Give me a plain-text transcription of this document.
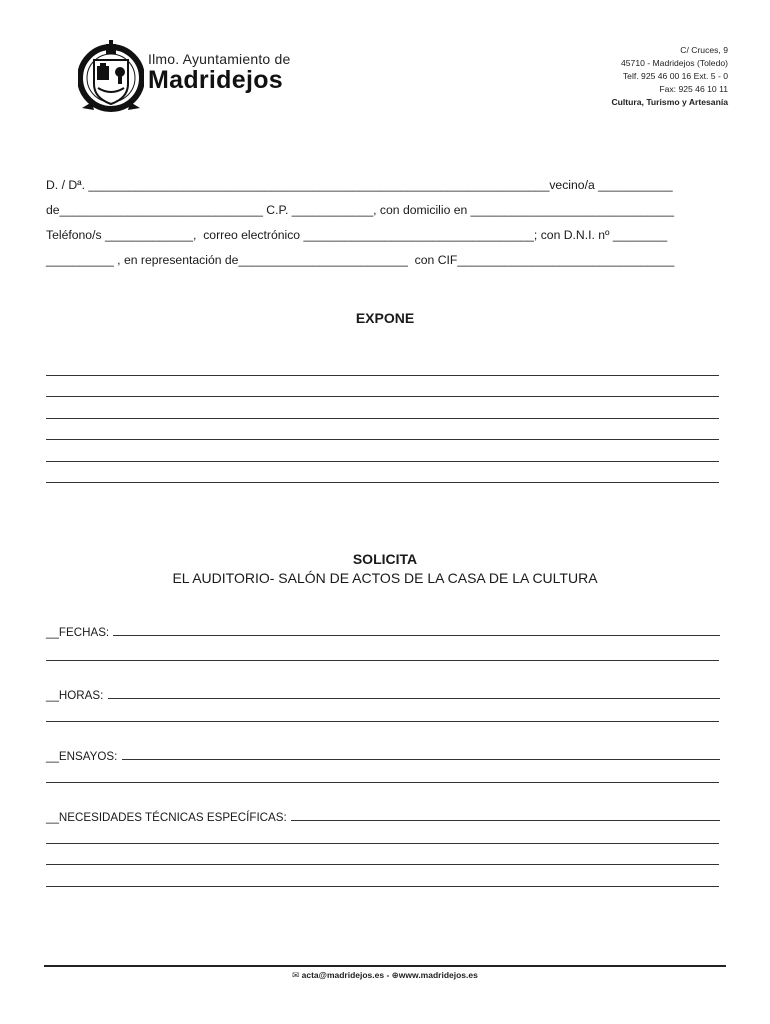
Ilmo. Ayuntamiento de
Madridejos
C/ Cruces, 9
45710 - Madridejos (Toledo)
Telf. 925 46 00 16 Ext. 5 - 0
Fax: 925 46 10 11
Cultura, Turismo y Artesanía
D. / Dª. ____________________________________________________________________vecino/a ___________
de______________________________ C.P. ____________, con domicilio en ______________________________
Teléfono/s _____________,  correo electrónico __________________________________; con D.N.I. nº ________
__________ , en representación de_________________________  con CIF________________________________
EXPONE
SOLICITA
EL AUDITORIO- SALÓN DE ACTOS DE LA CASA DE LA CULTURA
__FECHAS:
__HORAS:
__ENSAYOS:
__NECESIDADES TÉCNICAS ESPECÍFICAS:
✉ acta@madridejos.es - ⊕www.madridejos.es
